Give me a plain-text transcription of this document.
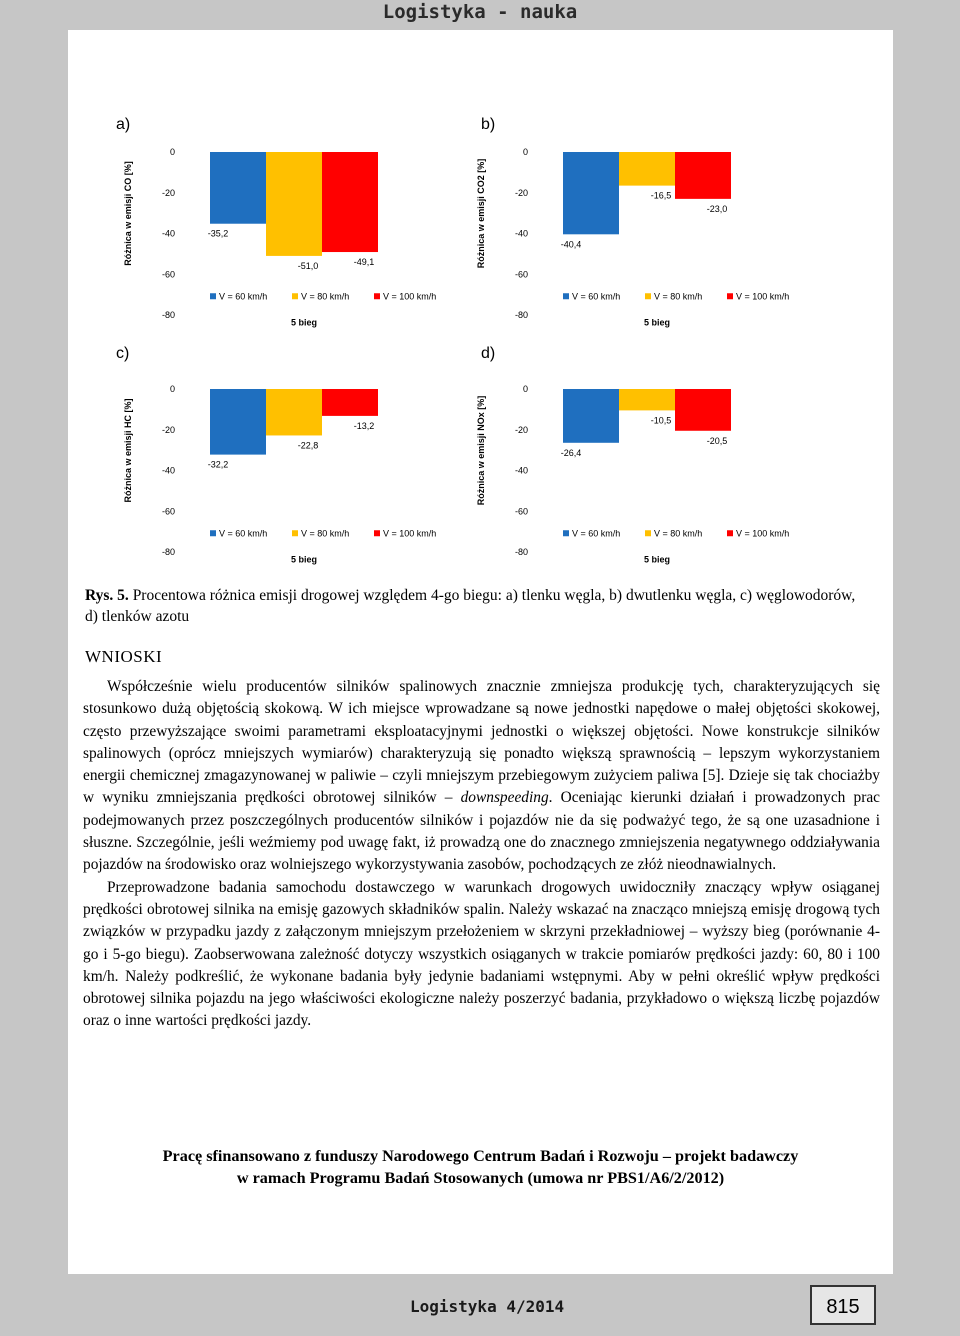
Logistyka - nauka
a)
Różnica w emisji CO [%]
0
-20
-40
-60
-80
-35,2
-51,0	-49,1
V = 60 km/h	V = 80 km/h	V = 100 km/h
5 bieg
b)
Różnica w emisji CO2 [%]
0
-20
-40
-60
-80
-40,4
-16,5
-23,0
V = 60 km/h	V = 80 km/h	V = 100 km/h
5 bieg
c)
Różnica w emisji HC [%]
0
-20
-40
-60
-80
-32,2
-22,8
-13,2
V = 60 km/h	V = 80 km/h	V = 100 km/h
5 bieg
d)
Różnica w emisji NOx [%]
0
-20
-40
-60
-80
-26,4
-10,5
-20,5
V = 60 km/h	V = 80 km/h	V = 100 km/h
5 bieg
Rys. 5. Procentowa różnica emisji drogowej względem 4-go biegu: a) tlenku węgla, b) dwutlenku węgla, c) węglowodorów, d) tlenków azotu
WNIOSKI

Współcześnie wielu producentów silników spalinowych znacznie zmniejsza produkcję tych, charakteryzujących się stosunkowo dużą objętością skokową. W ich miejsce wprowadzane są nowe jednostki napędowe o małej objętości skokowej, często przewyższające swoimi parametrami eksploatacyjnymi jednostki o większej objętości. Nowe konstrukcje silników spalinowych (oprócz mniejszych wymiarów) charakteryzują się ponadto większą sprawnością – lepszym wykorzystaniem energii chemicznej zmagazynowanej w paliwie – czyli mniejszym przebiegowym zużyciem paliwa [5]. Dzieje się tak chociażby w wyniku zmniejszania prędkości obrotowej silników – downspeeding. Oceniając kierunki działań i prowadzonych prac podejmowanych przez poszczególnych producentów silników i pojazdów nie da się podważyć tego, że są one uzasadnione i słuszne. Szczególnie, jeśli weźmiemy pod uwagę fakt, iż prowadzą one do znacznego zmniejszenia negatywnego oddziaływania pojazdów na środowisko oraz wolniejszego wykorzystywania zasobów, pochodzących ze złóż nieodnawialnych.

Przeprowadzone badania samochodu dostawczego w warunkach drogowych uwidoczniły znaczący wpływ osiąganej prędkości obrotowej silnika na emisję gazowych składników spalin. Należy wskazać na znacząco mniejszą emisję drogową tych związków w przypadku jazdy z załączonym mniejszym przełożeniem w skrzyni przekładniowej – wyższy bieg (porównanie 4-go i 5-go biegu). Zaobserwowana zależność dotyczy wszystkich osiąganych w trakcie pomiarów prędkości jazdy: 60, 80 i 100 km/h. Należy podkreślić, że wykonane badania były jedynie badaniami wstępnymi. Aby w pełni określić wpływ prędkości obrotowej silnika pojazdu na jego właściwości ekologiczne należy poszerzyć badania, przykładowo o większą liczbę pojazdów oraz o inne wartości prędkości jazdy.

Pracę sfinansowano z funduszy Narodowego Centrum Badań i Rozwoju – projekt badawczy
w ramach Programu Badań Stosowanych (umowa nr PBS1/A6/2/2012)
Logistyka 4/2014	815
